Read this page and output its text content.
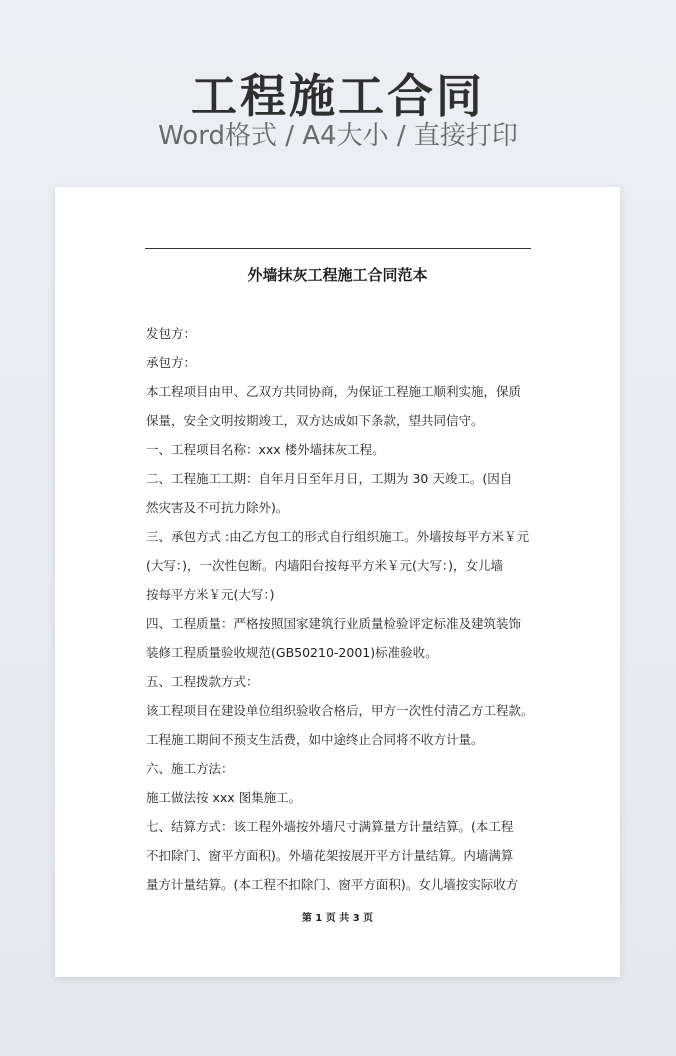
工程施工合同
Word格式 / A4大小 / 直接打印
外墙抹灰工程施工合同范本
发包方：
承包方：
本工程项目由甲、乙双方共同协商，为保证工程施工顺利实施，保质
保量，安全文明按期竣工，双方达成如下条款，望共同信守。
一、工程项目名称：xxx 楼外墙抹灰工程。
二、工程施工工期：自年月日至年月日，工期为 30 天竣工。(因自
然灾害及不可抗力除外)。
三、承包方式 :由乙方包工的形式自行组织施工。外墙按每平方米￥元
(大写：)，一次性包断。内墙阳台按每平方米￥元(大写：)，女儿墙
按每平方米￥元(大写：)
四、工程质量：严格按照国家建筑行业质量检验评定标准及建筑装饰
装修工程质量验收规范(GB50210-2001)标准验收。
五、工程拨款方式：
该工程项目在建设单位组织验收合格后，甲方一次性付清乙方工程款。
工程施工期间不预支生活费，如中途终止合同将不收方计量。
六、施工方法：
施工做法按 xxx 图集施工。
七、结算方式：该工程外墙按外墙尺寸满算量方计量结算。(本工程
不扣除门、窗平方面积)。外墙花架按展开平方计量结算。内墙满算
量方计量结算。(本工程不扣除门、窗平方面积)。女儿墙按实际收方
第 1 页 共 3 页
